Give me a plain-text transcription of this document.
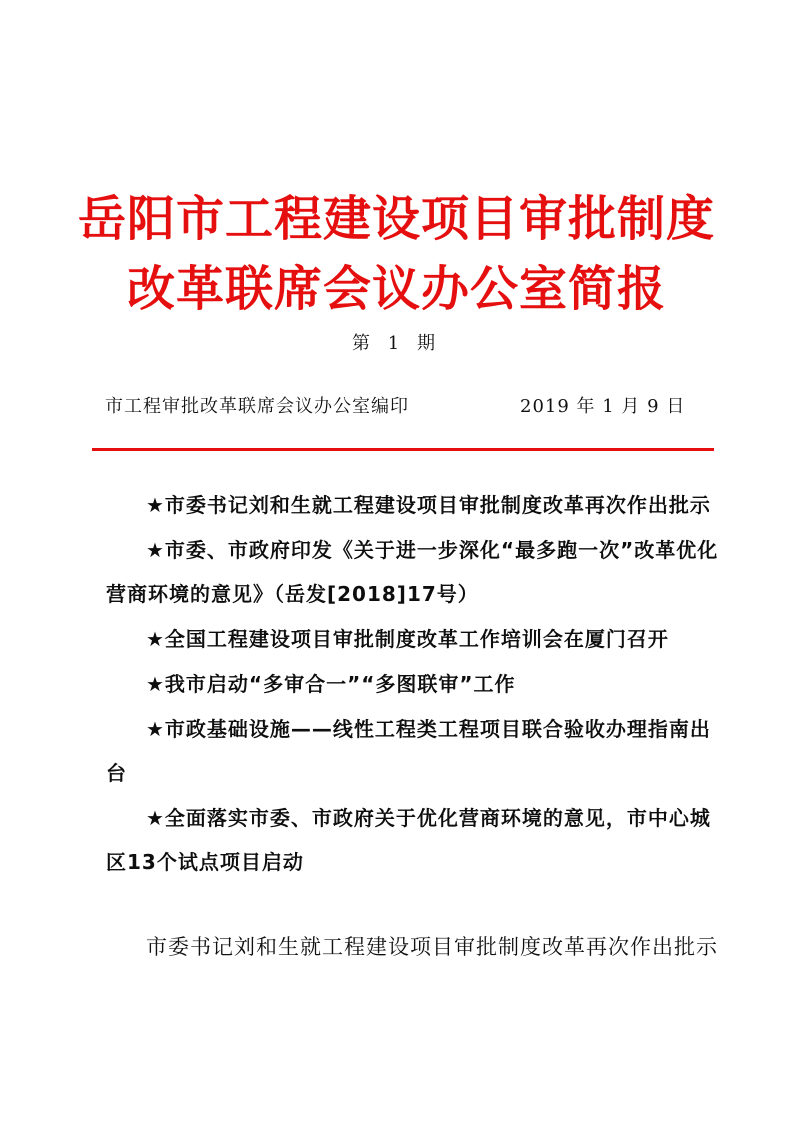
岳阳市工程建设项目审批制度
改革联席会议办公室简报
第 1 期
市工程审批改革联席会议办公室编印	2019 年 1 月 9 日

★市委书记刘和生就工程建设项目审批制度改革再次作出批示

★市委、市政府印发《关于进一步深化“最多跑一次”改革优化营商环境的意见》（岳发[2018]17号）

★全国工程建设项目审批制度改革工作培训会在厦门召开

★我市启动“多审合一”“多图联审”工作

★市政基础设施——线性工程类工程项目联合验收办理指南出台

★全面落实市委、市政府关于优化营商环境的意见，市中心城区13个试点项目启动

市委书记刘和生就工程建设项目审批制度改革再次作出批示
